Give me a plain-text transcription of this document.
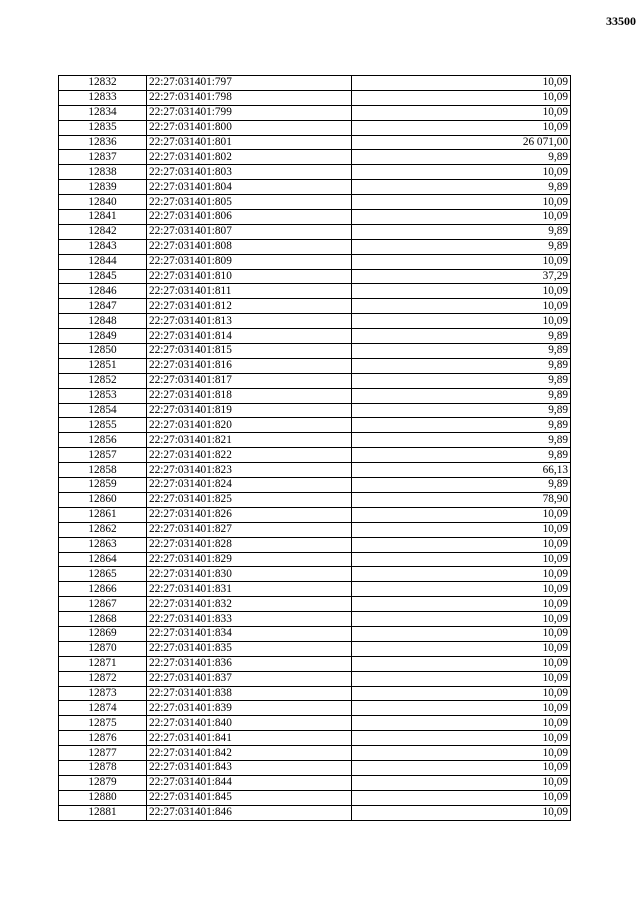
33500
12832	22:27:031401:797	10,09
12833	22:27:031401:798	10,09
12834	22:27:031401:799	10,09
12835	22:27:031401:800	10,09
12836	22:27:031401:801	26 071,00
12837	22:27:031401:802	9,89
12838	22:27:031401:803	10,09
12839	22:27:031401:804	9,89
12840	22:27:031401:805	10,09
12841	22:27:031401:806	10,09
12842	22:27:031401:807	9,89
12843	22:27:031401:808	9,89
12844	22:27:031401:809	10,09
12845	22:27:031401:810	37,29
12846	22:27:031401:811	10,09
12847	22:27:031401:812	10,09
12848	22:27:031401:813	10,09
12849	22:27:031401:814	9,89
12850	22:27:031401:815	9,89
12851	22:27:031401:816	9,89
12852	22:27:031401:817	9,89
12853	22:27:031401:818	9,89
12854	22:27:031401:819	9,89
12855	22:27:031401:820	9,89
12856	22:27:031401:821	9,89
12857	22:27:031401:822	9,89
12858	22:27:031401:823	66,13
12859	22:27:031401:824	9,89
12860	22:27:031401:825	78,90
12861	22:27:031401:826	10,09
12862	22:27:031401:827	10,09
12863	22:27:031401:828	10,09
12864	22:27:031401:829	10,09
12865	22:27:031401:830	10,09
12866	22:27:031401:831	10,09
12867	22:27:031401:832	10,09
12868	22:27:031401:833	10,09
12869	22:27:031401:834	10,09
12870	22:27:031401:835	10,09
12871	22:27:031401:836	10,09
12872	22:27:031401:837	10,09
12873	22:27:031401:838	10,09
12874	22:27:031401:839	10,09
12875	22:27:031401:840	10,09
12876	22:27:031401:841	10,09
12877	22:27:031401:842	10,09
12878	22:27:031401:843	10,09
12879	22:27:031401:844	10,09
12880	22:27:031401:845	10,09
12881	22:27:031401:846	10,09
